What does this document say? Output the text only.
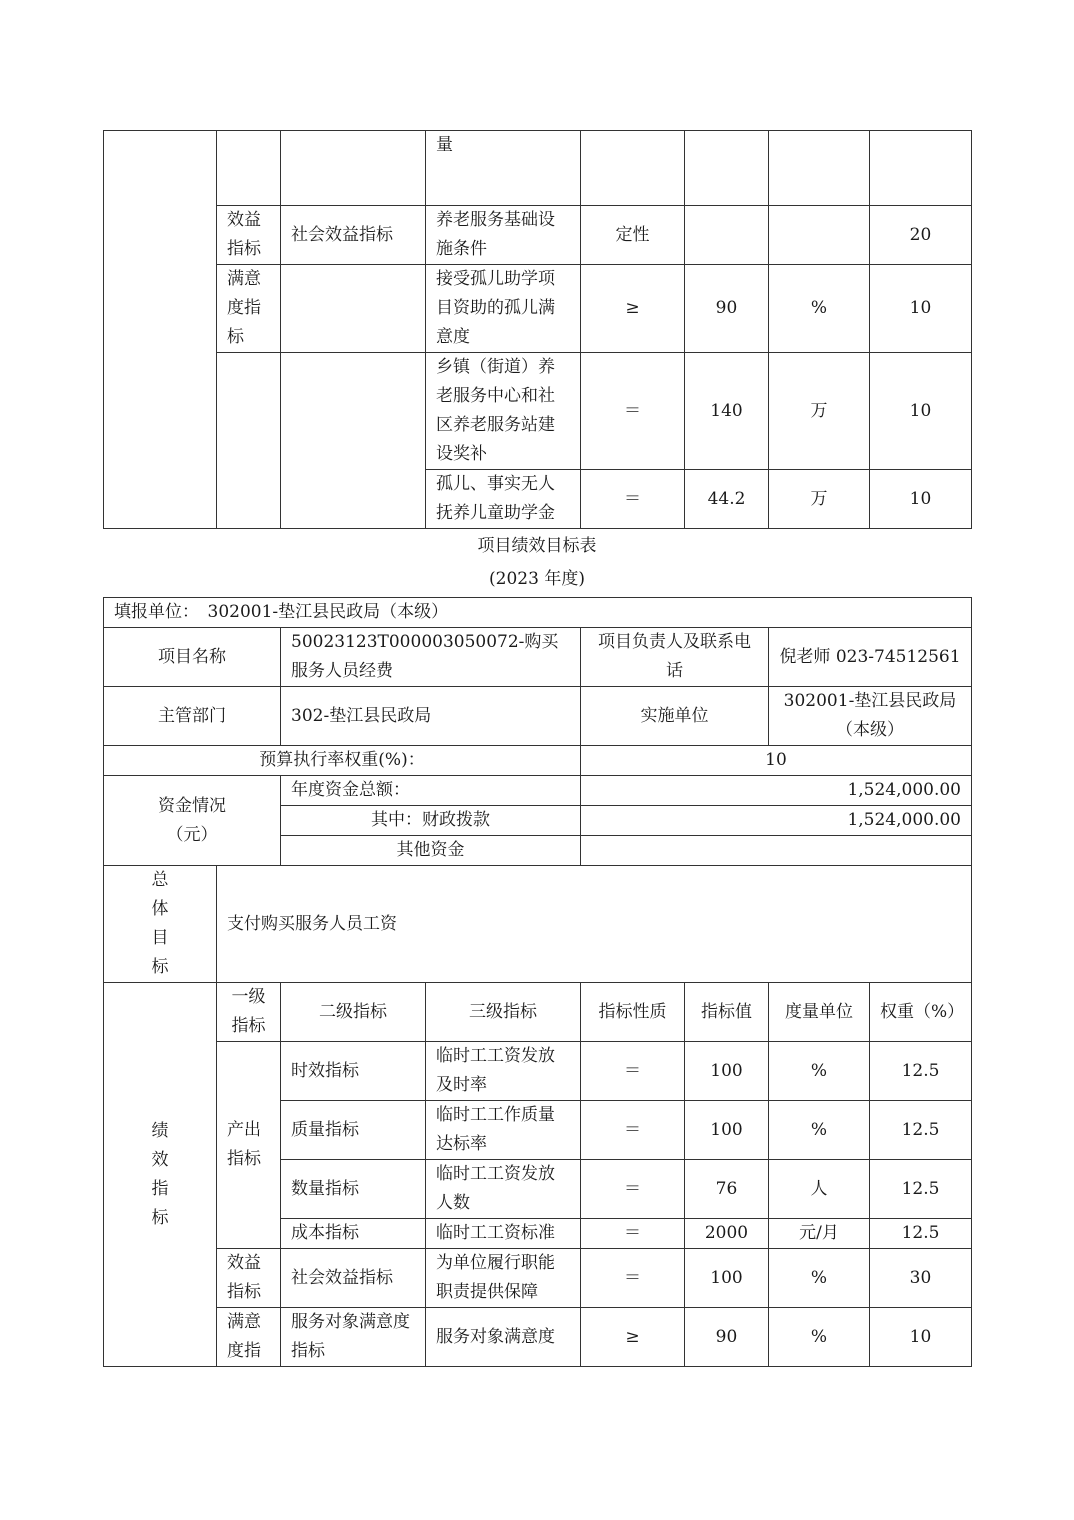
			量				
	效益指标	社会效益指标	养老服务基础设施条件	定性			20
	满意度指标		接受孤儿助学项目资助的孤儿满意度	≥	90	%	10
			乡镇（街道）养老服务中心和社区养老服务站建设奖补	＝	140	万	10
			孤儿、事实无人抚养儿童助学金	＝	44.2	万	10
项目绩效目标表
(2023 年度)
填报单位：　302001-垫江县民政局（本级）							
项目名称		50023123T000003050072-购买服务人员经费		项目负责人及联系电话		倪老师 023-74512561	
主管部门		302-垫江县民政局		实施单位		302001-垫江县民政局（本级）	
预算执行率权重(%)：				10			
资金情况（元）		年度资金总额：		1,524,000.00			
		其中：财政拨款		1,524,000.00			
		其他资金					
总体目标	支付购买服务人员工资						
绩效指标	一级指标	二级指标	三级指标	指标性质	指标值	度量单位	权重（%）
	产出指标	时效指标	临时工工资发放及时率	＝	100	%	12.5
		质量指标	临时工工作质量达标率	＝	100	%	12.5
		数量指标	临时工工资发放人数	＝	76	人	12.5
		成本指标	临时工工资标准	＝	2000	元/月	12.5
	效益指标	社会效益指标	为单位履行职能职责提供保障	＝	100	%	30
	满意度指	服务对象满意度指标	服务对象满意度	≥	90	%	10
